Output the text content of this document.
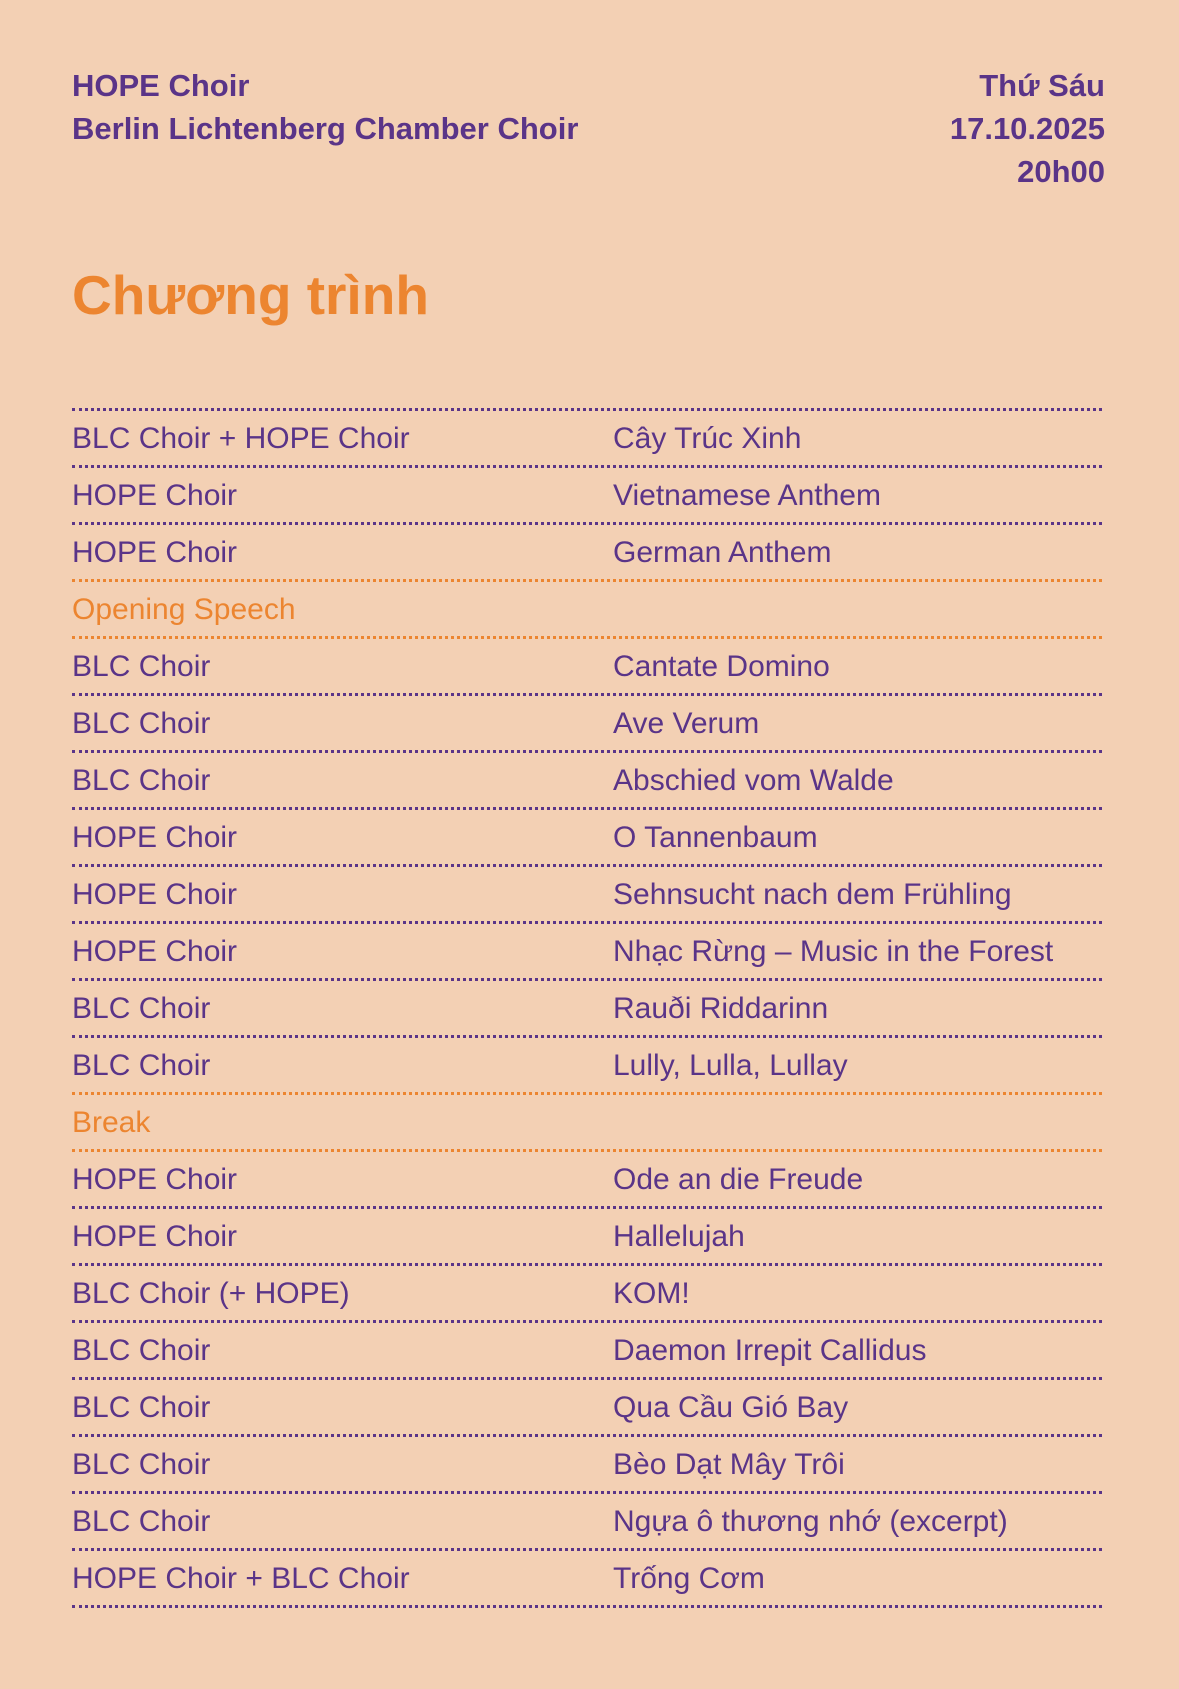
HOPE Choir
Berlin Lichtenberg Chamber Choir
Thứ Sáu
17.10.2025
20h00
Chương trình
BLC Choir + HOPE Choir	Cây Trúc Xinh
HOPE Choir	Vietnamese Anthem
HOPE Choir	German Anthem
Opening Speech
BLC Choir	Cantate Domino
BLC Choir	Ave Verum
BLC Choir	Abschied vom Walde
HOPE Choir	O Tannenbaum
HOPE Choir	Sehnsucht nach dem Frühling
HOPE Choir	Nhạc Rừng – Music in the Forest
BLC Choir	Rauði Riddarinn
BLC Choir	Lully, Lulla, Lullay
Break
HOPE Choir	Ode an die Freude
HOPE Choir	Hallelujah
BLC Choir (+ HOPE)	KOM!
BLC Choir	Daemon Irrepit Callidus
BLC Choir	Qua Cầu Gió Bay
BLC Choir	Bèo Dạt Mây Trôi
BLC Choir	Ngựa ô thương nhớ (excerpt)
HOPE Choir + BLC Choir	Trống Cơm
